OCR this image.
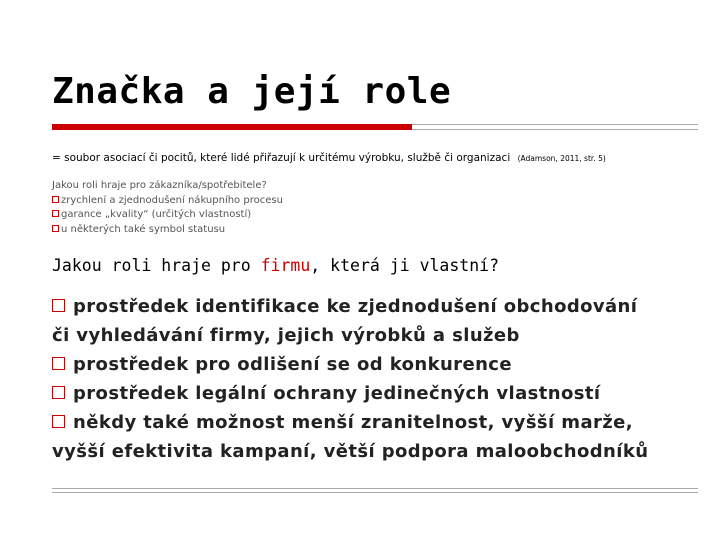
Značka a její role
= soubor asociací či pocitů, které lidé přiřazují k určitému výrobku, službě či organizaci (Adamson, 2011, str. 5)
Jakou roli hraje pro zákazníka/spotřebitele?
zrychlení a zjednodušení nákupního procesu
garance „kvality“ (určitých vlastností)
u některých také symbol statusu
Jakou roli hraje pro firmu, která ji vlastní?
prostředek identifikace ke zjednodušení obchodování
či vyhledávání firmy, jejich výrobků a služeb
prostředek pro odlišení se od konkurence
prostředek legální ochrany jedinečných vlastností
někdy také možnost menší zranitelnost, vyšší marže,
vyšší efektivita kampaní, větší podpora maloobchodníků
